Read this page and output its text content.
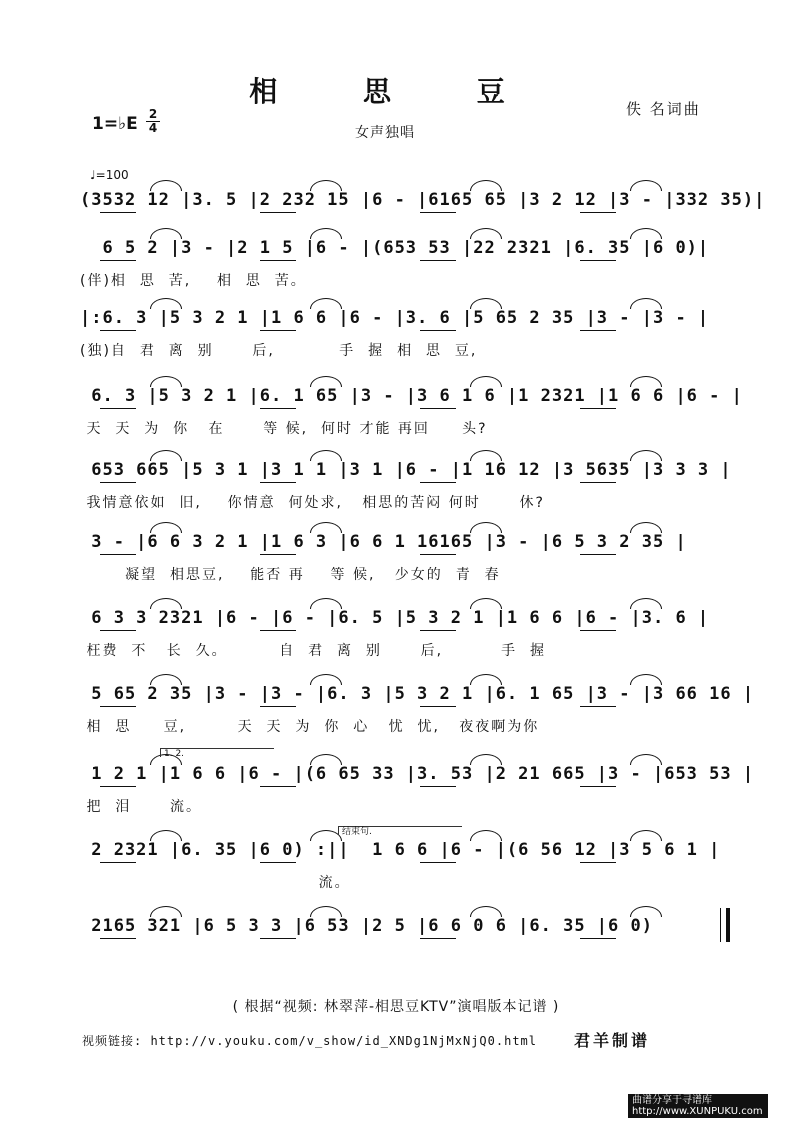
相 思 豆
1=♭E 2
4
佚 名词曲
女声独唱
♩=100
(3532 12 |3. 5 |2 232 15 |6 - |6165 65 |3 2 12 |3 - |332 35)|
6 5 2 |3 - |2 1 5 |6 - |(653 53 |22 2321 |6. 35 |6 0)|
(伴)相  思  苦,    相  思  苦。
|:6. 3 |5 3 2 1 |1 6 6 |6 - |3. 6 |5 65 2 35 |3 - |3 - |
(独)自  君  离  别      后,          手  握  相  思  豆,
6. 3 |5 3 2 1 |6. 1 65 |3 - |3 6 1 6 |1 2321 |1 6 6 |6 - |
天  天  为  你   在      等 候,  何时 才能 再回     头?
653 665 |5 3 1 |3 1 1 |3 1 |6 - |1 16 12 |3 5635 |3 3 3 |
我情意依如  旧,    你情意  何处求,   相思的苦闷 何时      休?
3 - |6 6 3 2 1 |1 6 3 |6 6 1 16165 |3 - |6 5 3 2 35 |
凝望  相思豆,    能否 再    等 候,   少女的  青  春
6 3 3 2321 |6 - |6 - |6. 5 |5 3 2 1 |1 6 6 |6 - |3. 6 |
枉费  不   长  久。        自  君  离  别      后,         手  握
5 65 2 35 |3 - |3 - |6. 3 |5 3 2 1 |6. 1 65 |3 - |3 66 16 |
相  思     豆,        天  天  为  你  心   忧  忧,   夜夜啊为你
1 2 1 |1 6 6 |6 - |(6 65 33 |3. 53 |2 21 665 |3 - |653 53 |
把  泪      流。
2 2321 |6. 35 |6 0) :||  1 6 6 |6 - |(6 56 12 |3 5 6 1 |
流。
2165 321 |6 5 3 3 |6 53 |2 5 |6 6 0 6 |6. 35 |6 0)
1. 2.
结束句.
( 根据“视频: 林翠萍-相思豆KTV”演唱版本记谱 )
视频链接: http://v.youku.com/v_show/id_XNDg1NjMxNjQ0.html 君羊制谱
曲谱分享于寻谱库
http://www.XUNPUKU.com
